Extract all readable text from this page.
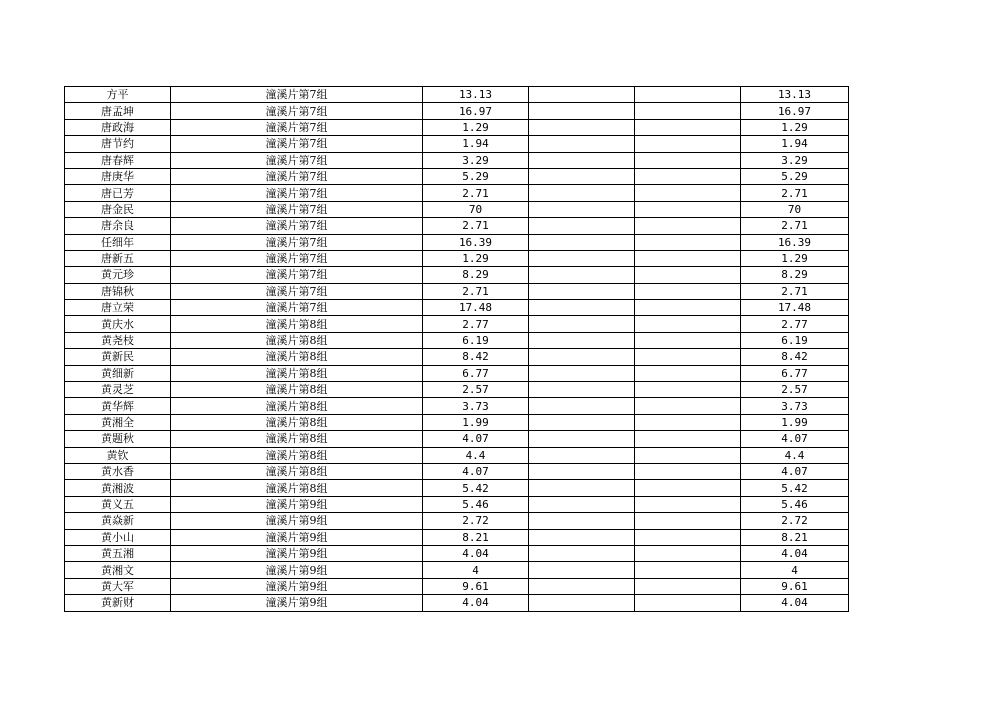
方平	潼溪片第7组	13.13			13.13
唐孟坤	潼溪片第7组	16.97			16.97
唐政海	潼溪片第7组	1.29			1.29
唐节约	潼溪片第7组	1.94			1.94
唐春辉	潼溪片第7组	3.29			3.29
唐庚华	潼溪片第7组	5.29			5.29
唐已芳	潼溪片第7组	2.71			2.71
唐金民	潼溪片第7组	70			70
唐余良	潼溪片第7组	2.71			2.71
任细年	潼溪片第7组	16.39			16.39
唐新五	潼溪片第7组	1.29			1.29
黄元珍	潼溪片第7组	8.29			8.29
唐锦秋	潼溪片第7组	2.71			2.71
唐立荣	潼溪片第7组	17.48			17.48
黄庆水	潼溪片第8组	2.77			2.77
黄尧枝	潼溪片第8组	6.19			6.19
黄新民	潼溪片第8组	8.42			8.42
黄细新	潼溪片第8组	6.77			6.77
黄灵芝	潼溪片第8组	2.57			2.57
黄华辉	潼溪片第8组	3.73			3.73
黄湘全	潼溪片第8组	1.99			1.99
黄题秋	潼溪片第8组	4.07			4.07
黄钦	潼溪片第8组	4.4			4.4
黄水香	潼溪片第8组	4.07			4.07
黄湘波	潼溪片第8组	5.42			5.42
黄义五	潼溪片第9组	5.46			5.46
黄焱新	潼溪片第9组	2.72			2.72
黄小山	潼溪片第9组	8.21			8.21
黄五湘	潼溪片第9组	4.04			4.04
黄湘文	潼溪片第9组	4			4
黄大军	潼溪片第9组	9.61			9.61
黄新财	潼溪片第9组	4.04			4.04
